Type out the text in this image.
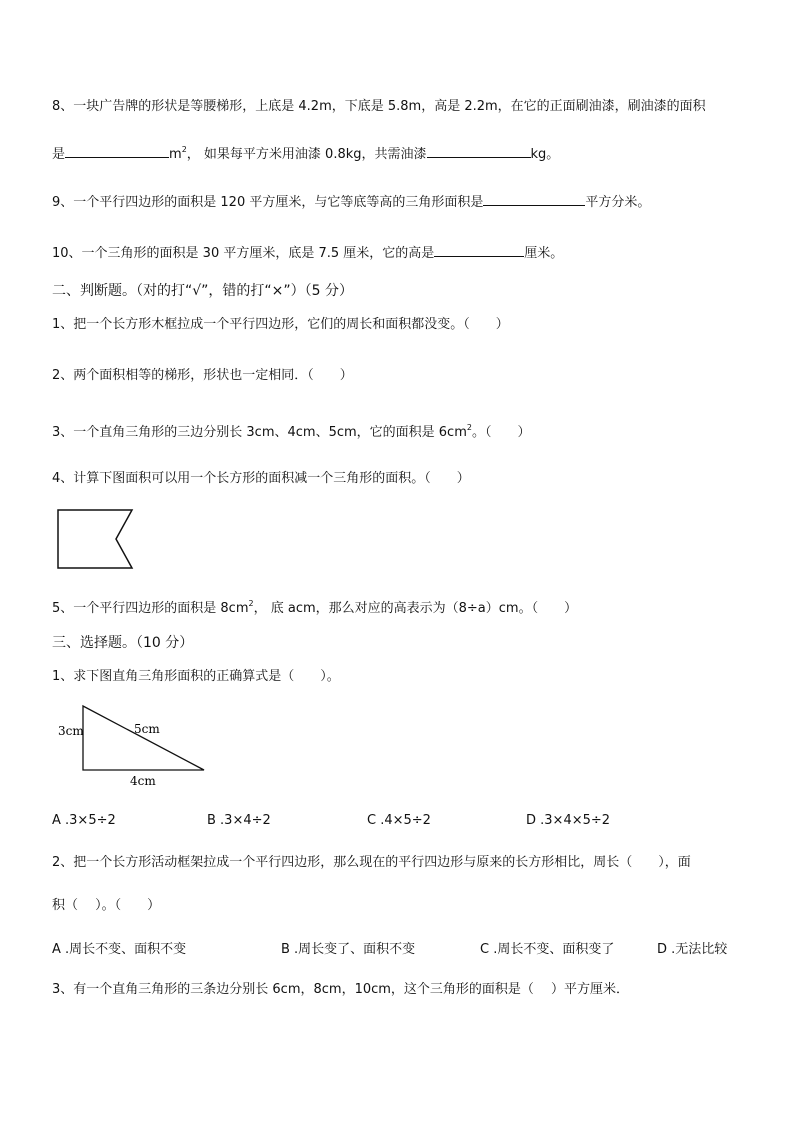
8、一块广告牌的形状是等腰梯形，上底是 4.2m，下底是 5.8m，高是 2.2m，在它的正面刷油漆，刷油漆的面积
是	$m^2$， 如果每平方米用油漆 0.8kg，共需油漆	kg。
9、一个平行四边形的面积是 120 平方厘米，与它等底等高的三角形面积是	平方分米。
10、一个三角形的面积是 30 平方厘米，底是 7.5 厘米，它的高是	厘米。
二、判断题。（对的打“√”，错的打“×”）（5 分）
1、把一个长方形木框拉成一个平行四边形，它们的周长和面积都没变。（　　）
2、两个面积相等的梯形，形状也一定相同．（　　）
3、一个直角三角形的三边分别长 3cm、4cm、5cm，它的面积是 $6cm^2$。（　　）
4、计算下图面积可以用一个长方形的面积减一个三角形的面积。（　　）
5、一个平行四边形的面积是 $8cm^2$， 底 acm，那么对应的高表示为（8÷a）cm。（　　）
三、选择题。（10 分）
1、求下图直角三角形面积的正确算式是（　　）。
3cm	5cm
4cm
A .3×5÷2	B .3×4÷2	C .4×5÷2	D .3×4×5÷2
2、把一个长方形活动框架拉成一个平行四边形，那么现在的平行四边形与原来的长方形相比，周长（　　），面
积（　 ）。（　　）
A .周长不变、面积不变	B .周长变了、面积不变	C .周长不变、面积变了	D .无法比较
3、有一个直角三角形的三条边分别长 6cm，8cm，10cm，这个三角形的面积是（　 ）平方厘米．
